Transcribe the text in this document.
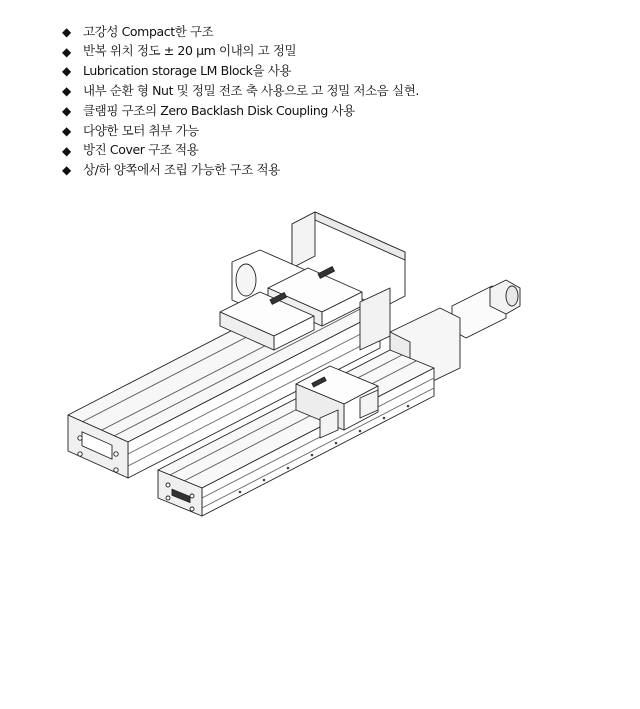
◆ 고강성 Compact한 구조
◆ 반복 위치 정도 ± 20 μm 이내의 고 정밀
◆ Lubrication storage LM Block을 사용
◆ 내부 순환 형 Nut 및 정밀 전조 축 사용으로 고 정밀 저소음 실현.
◆ 클램핑 구조의 Zero Backlash Disk Coupling 사용
◆ 다양한 모터 취부 가능
◆ 방진 Cover 구조 적용
◆ 상/하 양쪽에서 조립 가능한 구조 적용
